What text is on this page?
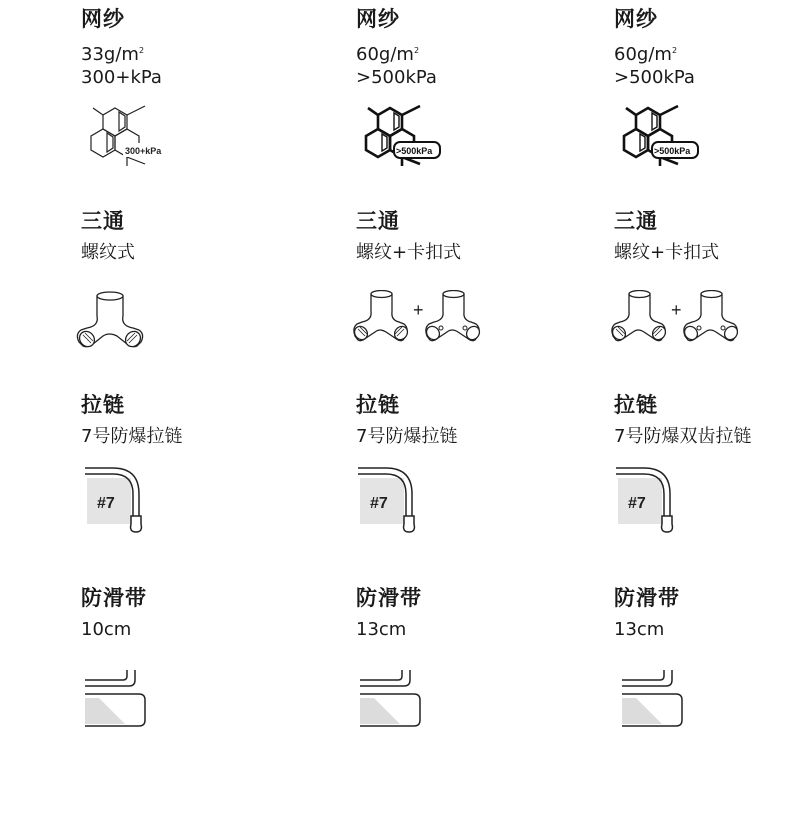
网纱
$33g/m^2$
300+kPa
300+kPa
三通
螺纹式
拉链
7号防爆拉链
#7
防滑带
10cm
网纱
$60g/m^2$
>500kPa
>500kPa
三通
螺纹+卡扣式
+
拉链
7号防爆拉链
#7
防滑带
13cm
网纱
$60g/m^2$
>500kPa
>500kPa
三通
螺纹+卡扣式
+
拉链
7号防爆双齿拉链
#7
防滑带
13cm
